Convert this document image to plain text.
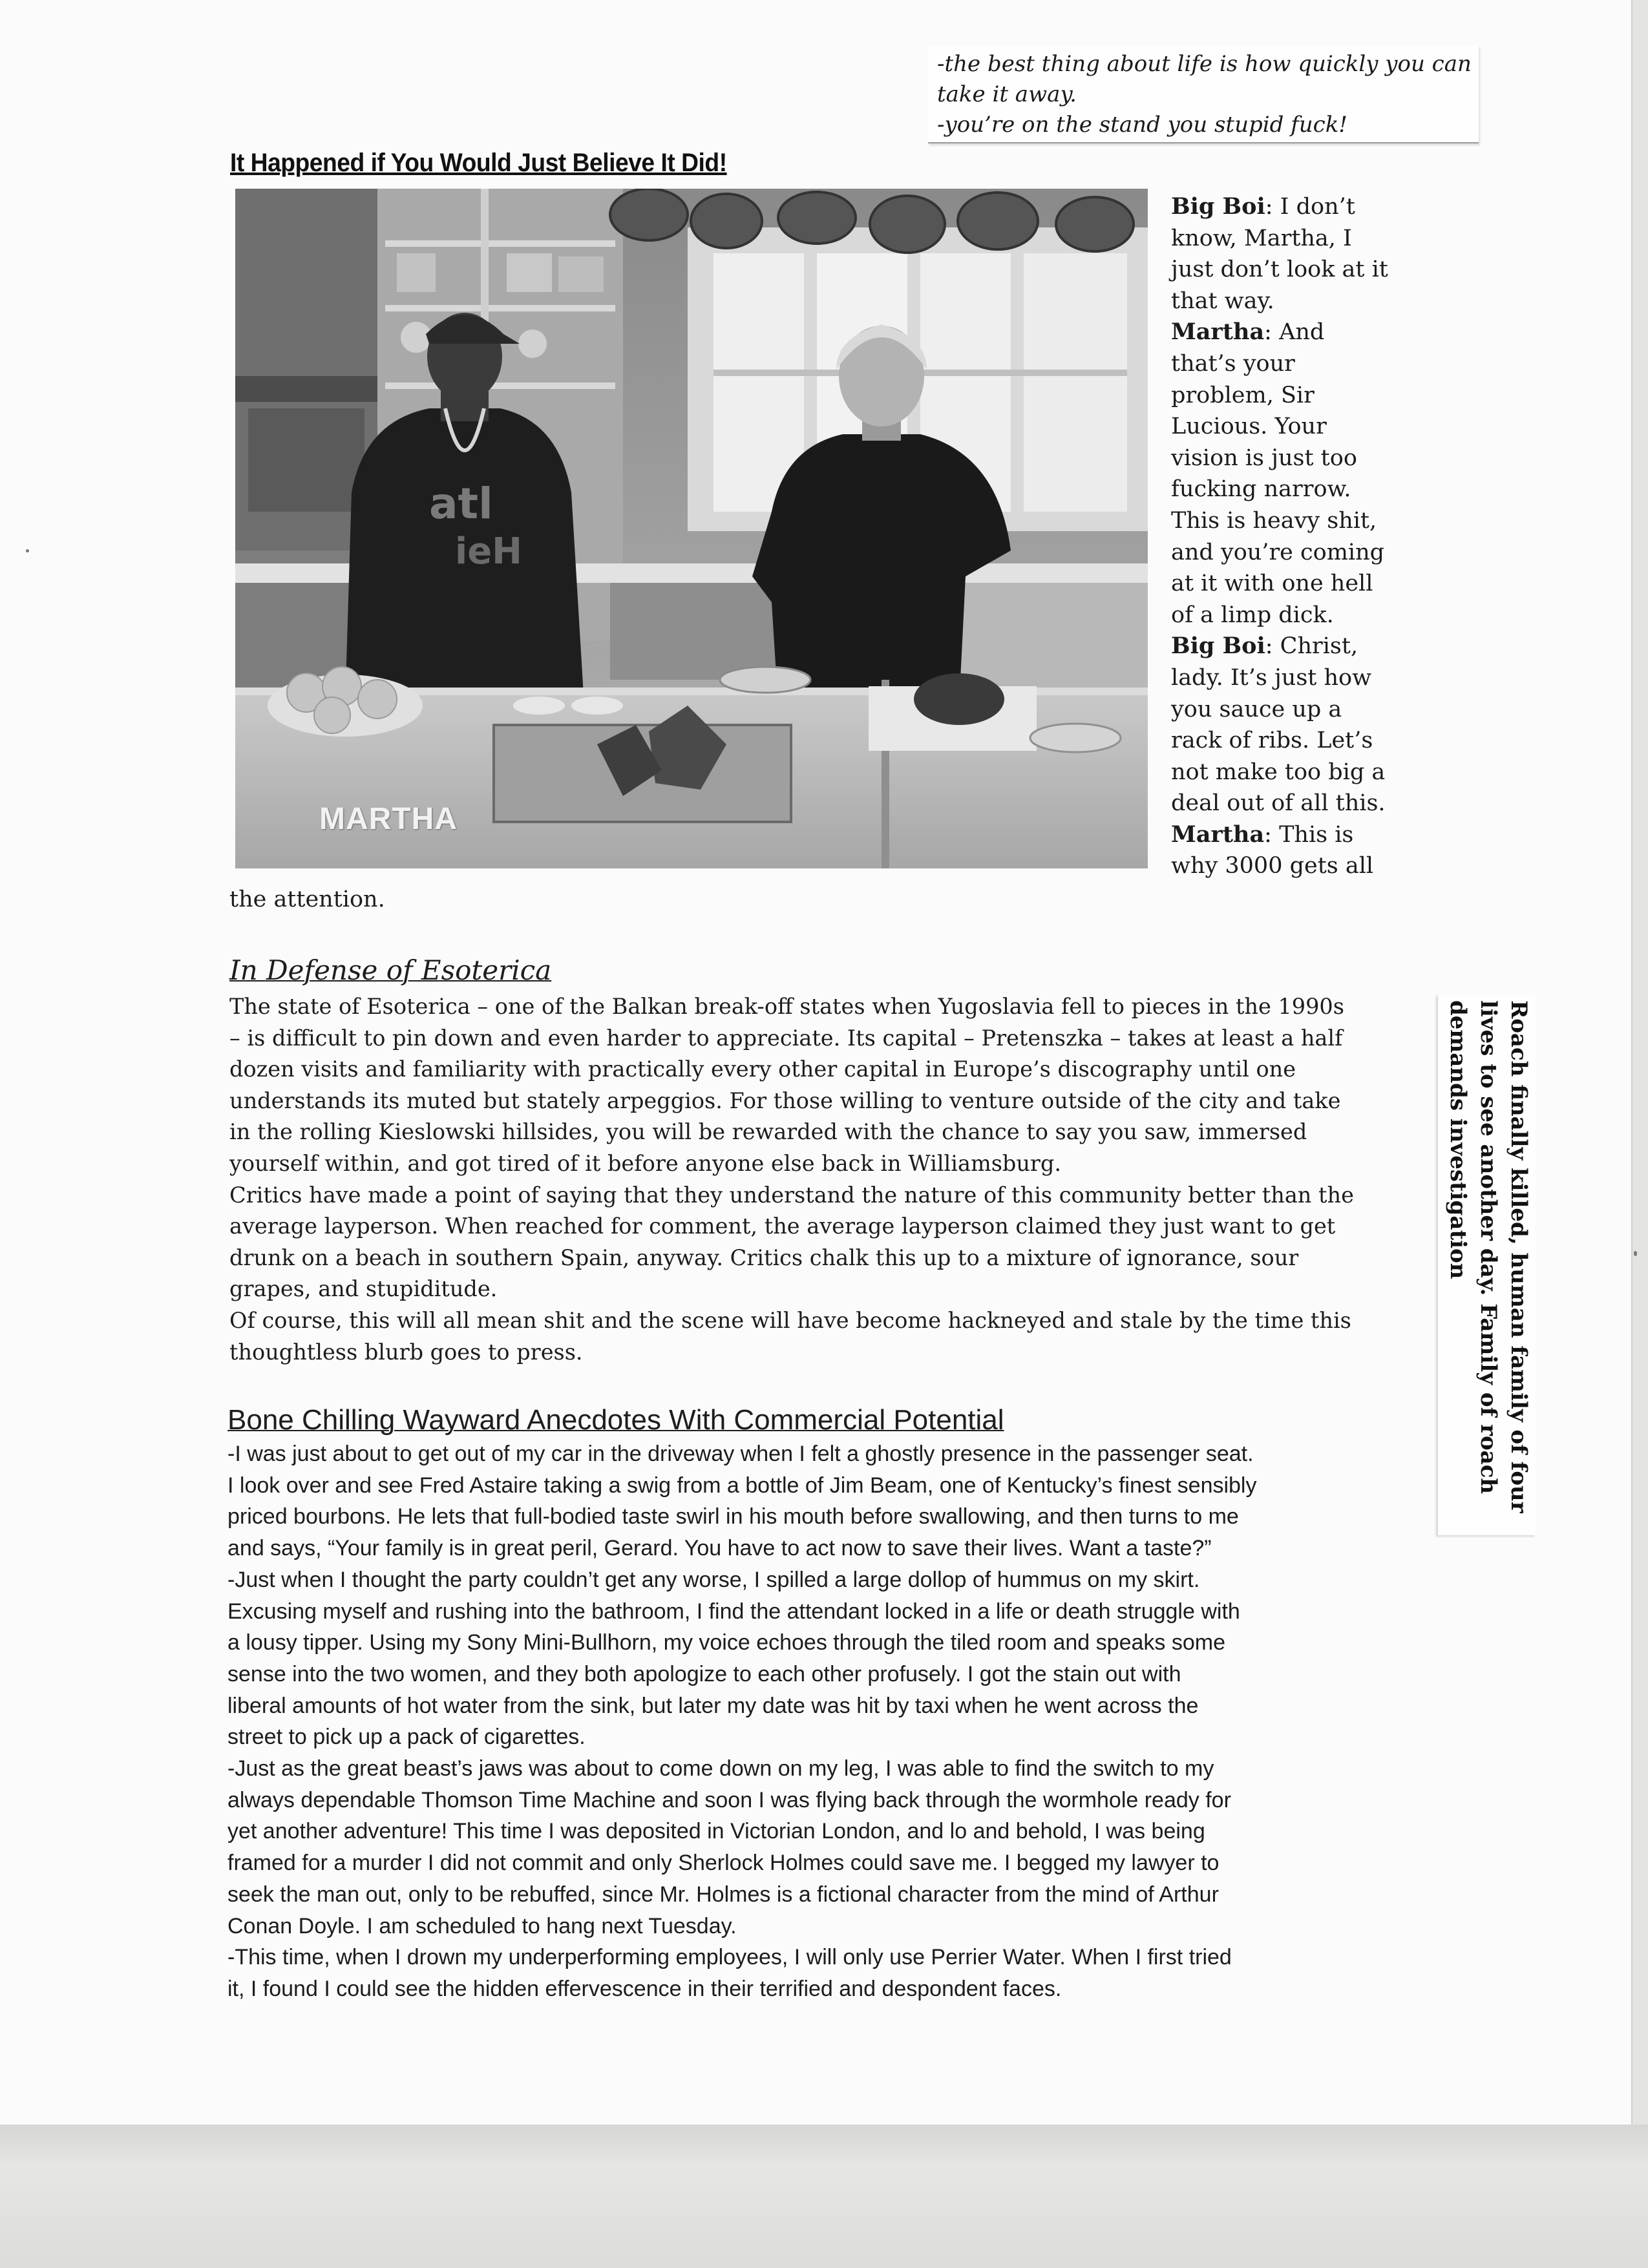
-the best thing about life is how quickly you can
take it away.
-you’re on the stand you stupid fuck!
It Happened if You Would Just Believe It Did!
atl
ieH
MARTHA

Big Boi: I don’t

know, Martha, I

just don’t look at it

that way.

Martha: And

that’s your

problem, Sir

Lucious. Your

vision is just too

fucking narrow.

This is heavy shit,

and you’re coming

at it with one hell

of a limp dick.

Big Boi: Christ,

lady. It’s just how

you sauce up a

rack of ribs. Let’s

not make too big a

deal out of all this.

Martha: This is

why 3000 gets all

the attention.
In Defense of Esoterica
The state of Esoterica – one of the Balkan break-off states when Yugoslavia fell to pieces in the 1990s
– is difficult to pin down and even harder to appreciate. Its capital – Pretenszka – takes at least a half
dozen visits and familiarity with practically every other capital in Europe’s discography until one
understands its muted but stately arpeggios. For those willing to venture outside of the city and take
in the rolling Kieslowski hillsides, you will be rewarded with the chance to say you saw, immersed
yourself within, and got tired of it before anyone else back in Williamsburg.
Critics have made a point of saying that they understand the nature of this community better than the
average layperson. When reached for comment, the average layperson claimed they just want to get
drunk on a beach in southern Spain, anyway. Critics chalk this up to a mixture of ignorance, sour
grapes, and stupiditude.
Of course, this will all mean shit and the scene will have become hackneyed and stale by the time this
thoughtless blurb goes to press.
Bone Chilling Wayward Anecdotes With Commercial Potential
-I was just about to get out of my car in the driveway when I felt a ghostly presence in the passenger seat.
I look over and see Fred Astaire taking a swig from a bottle of Jim Beam, one of Kentucky’s finest sensibly
priced bourbons. He lets that full-bodied taste swirl in his mouth before swallowing, and then turns to me
and says, “Your family is in great peril, Gerard. You have to act now to save their lives. Want a taste?”
-Just when I thought the party couldn’t get any worse, I spilled a large dollop of hummus on my skirt.
Excusing myself and rushing into the bathroom, I find the attendant locked in a life or death struggle with
a lousy tipper. Using my Sony Mini-Bullhorn, my voice echoes through the tiled room and speaks some
sense into the two women, and they both apologize to each other profusely. I got the stain out with
liberal amounts of hot water from the sink, but later my date was hit by taxi when he went across the
street to pick up a pack of cigarettes.
-Just as the great beast’s jaws was about to come down on my leg, I was able to find the switch to my
always dependable Thomson Time Machine and soon I was flying back through the wormhole ready for
yet another adventure! This time I was deposited in Victorian London, and lo and behold, I was being
framed for a murder I did not commit and only Sherlock Holmes could save me. I begged my lawyer to
seek the man out, only to be rebuffed, since Mr. Holmes is a fictional character from the mind of Arthur
Conan Doyle. I am scheduled to hang next Tuesday.
-This time, when I drown my underperforming employees, I will only use Perrier Water. When I first tried
it, I found I could see the hidden effervescence in their terrified and despondent faces.
Roach finally killed, human family of four
lives to see another day. Family of roach
demands investigation
